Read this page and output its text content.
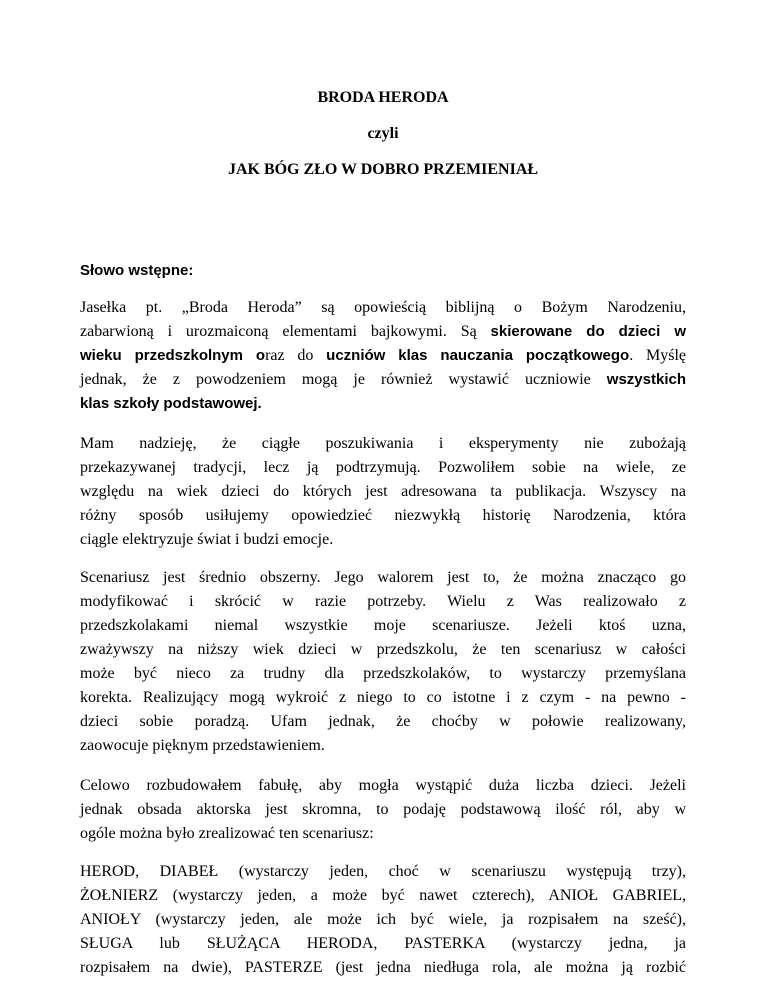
BRODA HERODA
czyli
JAK BÓG ZŁO W DOBRO PRZEMIENIAŁ
Słowo wstępne:
Jasełka pt. „Broda Heroda” są opowieścią biblijną o Bożym Narodzeniu,
zabarwioną i urozmaiconą elementami bajkowymi. Są skierowane do dzieci w
wieku przedszkolnym oraz do uczniów klas nauczania początkowego. Myślę
jednak, że z powodzeniem mogą je również wystawić uczniowie wszystkich
klas szkoły podstawowej.
Mam nadzieję, że ciągłe poszukiwania i eksperymenty nie zubożają
przekazywanej tradycji, lecz ją podtrzymują. Pozwoliłem sobie na wiele, ze
względu na wiek dzieci do których jest adresowana ta publikacja. Wszyscy na
różny sposób usiłujemy opowiedzieć niezwykłą historię Narodzenia, która
ciągle elektryzuje świat i budzi emocje.
Scenariusz jest średnio obszerny. Jego walorem jest to, że można znacząco go
modyfikować i skrócić w razie potrzeby. Wielu z Was realizowało z
przedszkolakami niemal wszystkie moje scenariusze. Jeżeli ktoś uzna,
zważywszy na niższy wiek dzieci w przedszkolu, że ten scenariusz w całości
może być nieco za trudny dla przedszkolaków, to wystarczy przemyślana
korekta. Realizujący mogą wykroić z niego to co istotne i z czym - na pewno -
dzieci sobie poradzą. Ufam jednak, że choćby w połowie realizowany,
zaowocuje pięknym przedstawieniem.
Celowo rozbudowałem fabułę, aby mogła wystąpić duża liczba dzieci. Jeżeli
jednak obsada aktorska jest skromna, to podaję podstawową ilość ról, aby w
ogóle można było zrealizować ten scenariusz:
HEROD, DIABEŁ (wystarczy jeden, choć w scenariuszu występują trzy),
ŻOŁNIERZ (wystarczy jeden, a może być nawet czterech), ANIOŁ GABRIEL,
ANIOŁY (wystarczy jeden, ale może ich być wiele, ja rozpisałem na sześć),
SŁUGA lub SŁUŻĄCA HERODA, PASTERKA (wystarczy jedna, ja
rozpisałem na dwie), PASTERZE (jest jedna niedługa rola, ale można ją rozbić
